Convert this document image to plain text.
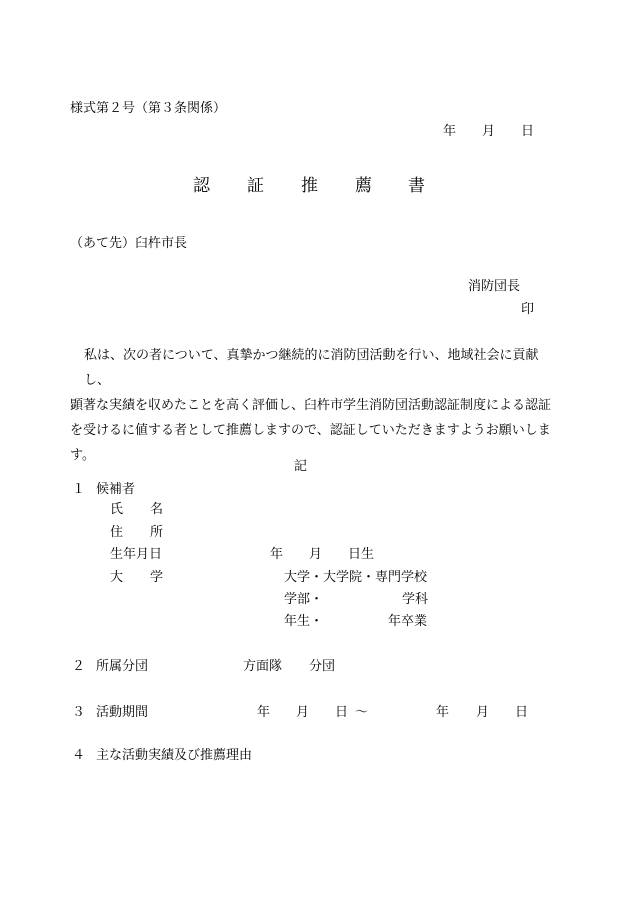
様式第２号（第３条関係）
年 月 日
認 証 推 薦 書
（あて先）臼杵市長
消防団長
印
私は、次の者について、真摯かつ継続的に消防団活動を行い、地域社会に貢献し、
顕著な実績を収めたことを高く評価し、臼杵市学生消防団活動認証制度による認証
を受けるに値する者として推薦しますので、認証していただきますようお願いしま
す。
記
１ 候補者
氏 名
住 所
生年月日	年 月 日生
大 学	大学・大学院・専門学校
学部・	学科
年生・	年卒業
２ 所属分団	方面隊 分団
３ 活動期間	年 月 日 ～	年 月 日
４ 主な活動実績及び推薦理由
